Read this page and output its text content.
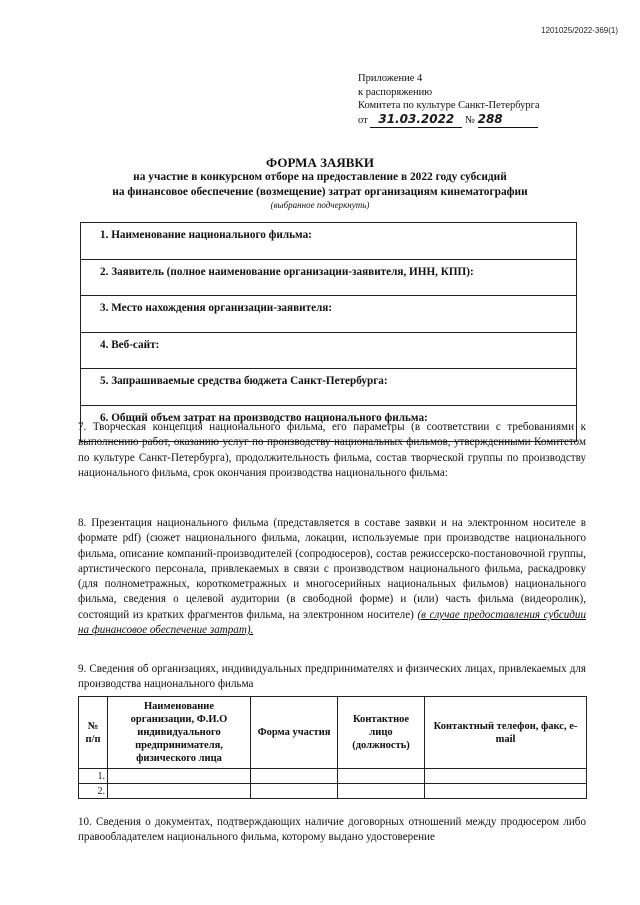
1201025/2022-369(1)
Приложение 4
к распоряжению
Комитета по культуре Санкт-Петербурга
от 31.03.2022 № 288
ФОРМА ЗАЯВКИ
на участие в конкурсном отборе на предоставление в 2022 году субсидий
на финансовое обеспечение (возмещение) затрат организациям кинематографии
(выбранное подчеркнуть)
1. Наименование национального фильма:
2. Заявитель (полное наименование организации-заявителя, ИНН, КПП):
3. Место нахождения организации-заявителя:
4. Веб-сайт:
5. Запрашиваемые средства бюджета Санкт-Петербурга:
6. Общий объем затрат на производство национального фильма:
7. Творческая концепция национального фильма, его параметры (в соответствии с требованиями к выполнению работ, оказанию услуг по производству национальных фильмов, утвержденными Комитетом по культуре Санкт-Петербурга), продолжительность фильма, состав творческой группы по производству национального фильма, срок окончания производства национального фильма:
8. Презентация национального фильма (представляется в составе заявки и на электронном носителе в формате pdf) (сюжет национального фильма, локации, используемые при производстве национального фильма, описание компаний-производителей (сопродюсеров), состав режиссерско-постановочной группы, артистического персонала, привлекаемых в связи с производством национального фильма, раскадровку (для полнометражных, короткометражных и многосерийных национальных фильмов) национального фильма, сведения о целевой аудитории (в свободной форме) и (или) часть фильма (видеоролик), состоящий из кратких фрагментов фильма, на электронном носителе) (в случае предоставления субсидии на финансовое обеспечение затрат).
9. Сведения об организациях, индивидуальных предпринимателях и физических лицах, привлекаемых для производства национального фильма
№ п/п	Наименование организации, Ф.И.О индивидуального предпринимателя, физического лица	Форма участия	Контактное лицо (должность)	Контактный телефон, факс, e-mail
1.				
2.				
10. Сведения о документах, подтверждающих наличие договорных отношений между продюсером либо правообладателем национального фильма, которому выдано удостоверение
